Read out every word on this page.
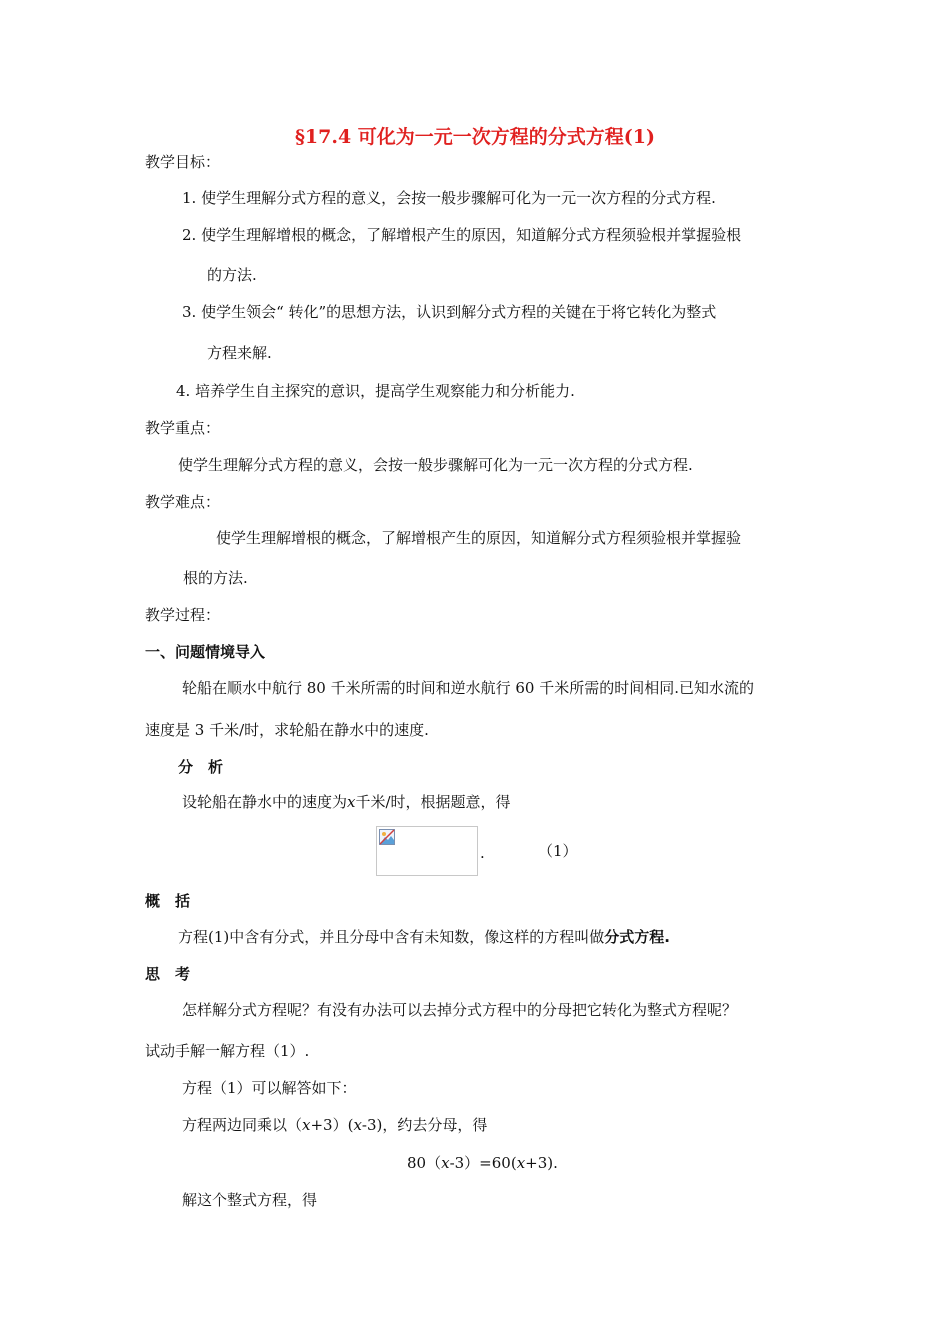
§17.4 可化为一元一次方程的分式方程(1)
教学目标：
1. 使学生理解分式方程的意义，会按一般步骤解可化为一元一次方程的分式方程.
2. 使学生理解增根的概念，了解增根产生的原因，知道解分式方程须验根并掌握验根
的方法.
3. 使学生领会“ 转化”的思想方法，认识到解分式方程的关键在于将它转化为整式
方程来解.
4. 培养学生自主探究的意识，提高学生观察能力和分析能力.
教学重点：
使学生理解分式方程的意义，会按一般步骤解可化为一元一次方程的分式方程.
教学难点：
使学生理解增根的概念，了解增根产生的原因，知道解分式方程须验根并掌握验
根的方法.
教学过程：
一、问题情境导入
轮船在顺水中航行 80 千米所需的时间和逆水航行 60 千米所需的时间相同.已知水流的
速度是 3 千米/时，求轮船在静水中的速度.
分　析
设轮船在静水中的速度为x千米/时，根据题意，得
.	（1）
概　括
方程(1)中含有分式，并且分母中含有未知数，像这样的方程叫做分式方程.
思　考
怎样解分式方程呢？有没有办法可以去掉分式方程中的分母把它转化为整式方程呢？
试动手解一解方程（1）.
方程（1）可以解答如下：
方程两边同乘以（x+3）(x-3)，约去分母，得
80（x-3）=60(x+3).
解这个整式方程，得
